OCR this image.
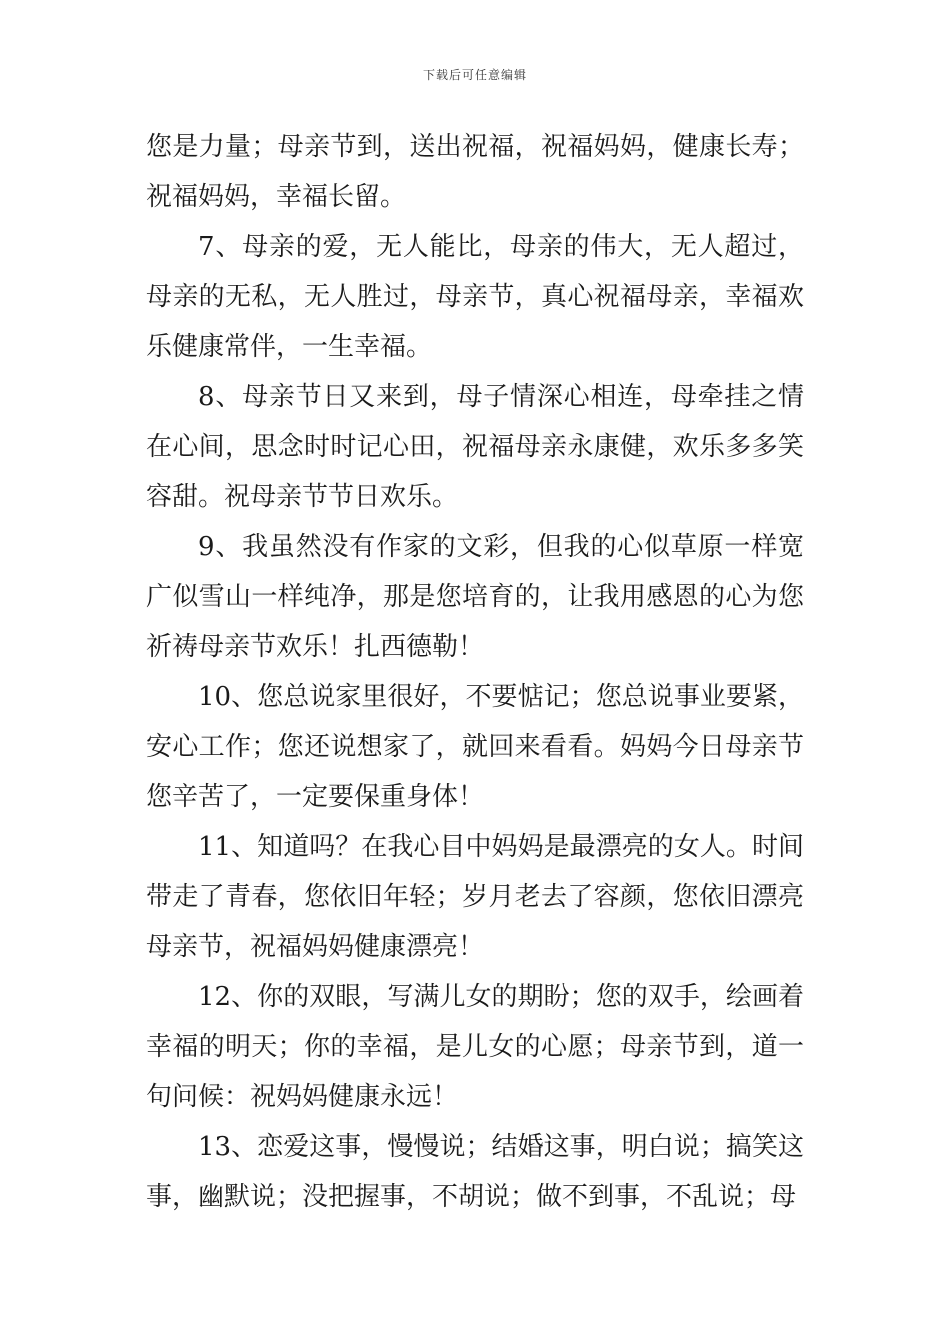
下载后可任意编辑

您是力量；母亲节到，送出祝福，祝福妈妈，健康长寿；祝福妈妈，幸福长留。

7、母亲的爱，无人能比，母亲的伟大，无人超过，母亲的无私，无人胜过，母亲节，真心祝福母亲，幸福欢乐健康常伴，一生幸福。

8、母亲节日又来到，母子情深心相连，母牵挂之情在心间，思念时时记心田，祝福母亲永康健，欢乐多多笑容甜。祝母亲节节日欢乐。

9、我虽然没有作家的文彩，但我的心似草原一样宽广似雪山一样纯净，那是您培育的，让我用感恩的心为您祈祷母亲节欢乐！扎西德勒！

10、您总说家里很好，不要惦记；您总说事业要紧，安心工作；您还说想家了，就回来看看。妈妈今日母亲节您辛苦了，一定要保重身体！

11、知道吗？在我心目中妈妈是最漂亮的女人。时间带走了青春，您依旧年轻；岁月老去了容颜，您依旧漂亮母亲节，祝福妈妈健康漂亮！

12、你的双眼，写满儿女的期盼；您的双手，绘画着幸福的明天；你的幸福，是儿女的心愿；母亲节到，道一句问候：祝妈妈健康永远！

13、恋爱这事，慢慢说；结婚这事，明白说；搞笑这事，幽默说；没把握事，不胡说；做不到事，不乱说；母
